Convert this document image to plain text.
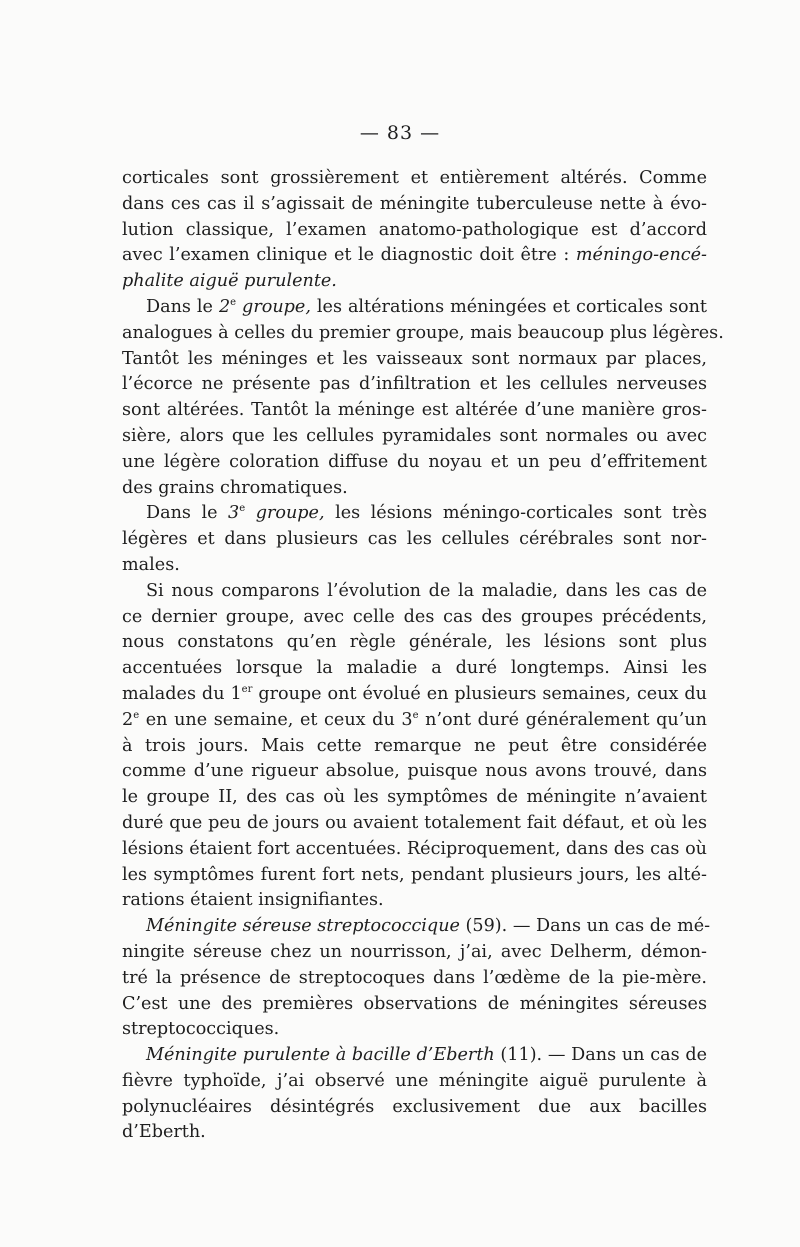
— 83 —
corticales sont grossièrement et entièrement altérés. Comme
dans ces cas il s’agissait de méningite tuberculeuse nette à évo-
lution classique, l’examen anatomo-pathologique est d’accord
avec l’examen clinique et le diagnostic doit être : méningo-encé-
phalite aiguë purulente.
Dans le 2e groupe, les altérations méningées et corticales sont
analogues à celles du premier groupe, mais beaucoup plus légères.
Tantôt les méninges et les vaisseaux sont normaux par places,
l’écorce ne présente pas d’infiltration et les cellules nerveuses
sont altérées. Tantôt la méninge est altérée d’une manière gros-
sière, alors que les cellules pyramidales sont normales ou avec
une légère coloration diffuse du noyau et un peu d’effritement
des grains chromatiques.
Dans le 3e groupe, les lésions méningo-corticales sont très
légères et dans plusieurs cas les cellules cérébrales sont nor-
males.
Si nous comparons l’évolution de la maladie, dans les cas de
ce dernier groupe, avec celle des cas des groupes précédents,
nous constatons qu’en règle générale, les lésions sont plus
accentuées lorsque la maladie a duré longtemps. Ainsi les
malades du 1er groupe ont évolué en plusieurs semaines, ceux du
2e en une semaine, et ceux du 3e n’ont duré généralement qu’un
à trois jours. Mais cette remarque ne peut être considérée
comme d’une rigueur absolue, puisque nous avons trouvé, dans
le groupe II, des cas où les symptômes de méningite n’avaient
duré que peu de jours ou avaient totalement fait défaut, et où les
lésions étaient fort accentuées. Réciproquement, dans des cas où
les symptômes furent fort nets, pendant plusieurs jours, les alté-
rations étaient insignifiantes.
Méningite séreuse streptococcique (59). — Dans un cas de mé-
ningite séreuse chez un nourrisson, j’ai, avec Delherm, démon-
tré la présence de streptocoques dans l’œdème de la pie-mère.
C’est une des premières observations de méningites séreuses
streptococciques.
Méningite purulente à bacille d’Eberth (11). — Dans un cas de
fièvre typhoïde, j’ai observé une méningite aiguë purulente à
polynucléaires désintégrés exclusivement due aux bacilles
d’Eberth.
